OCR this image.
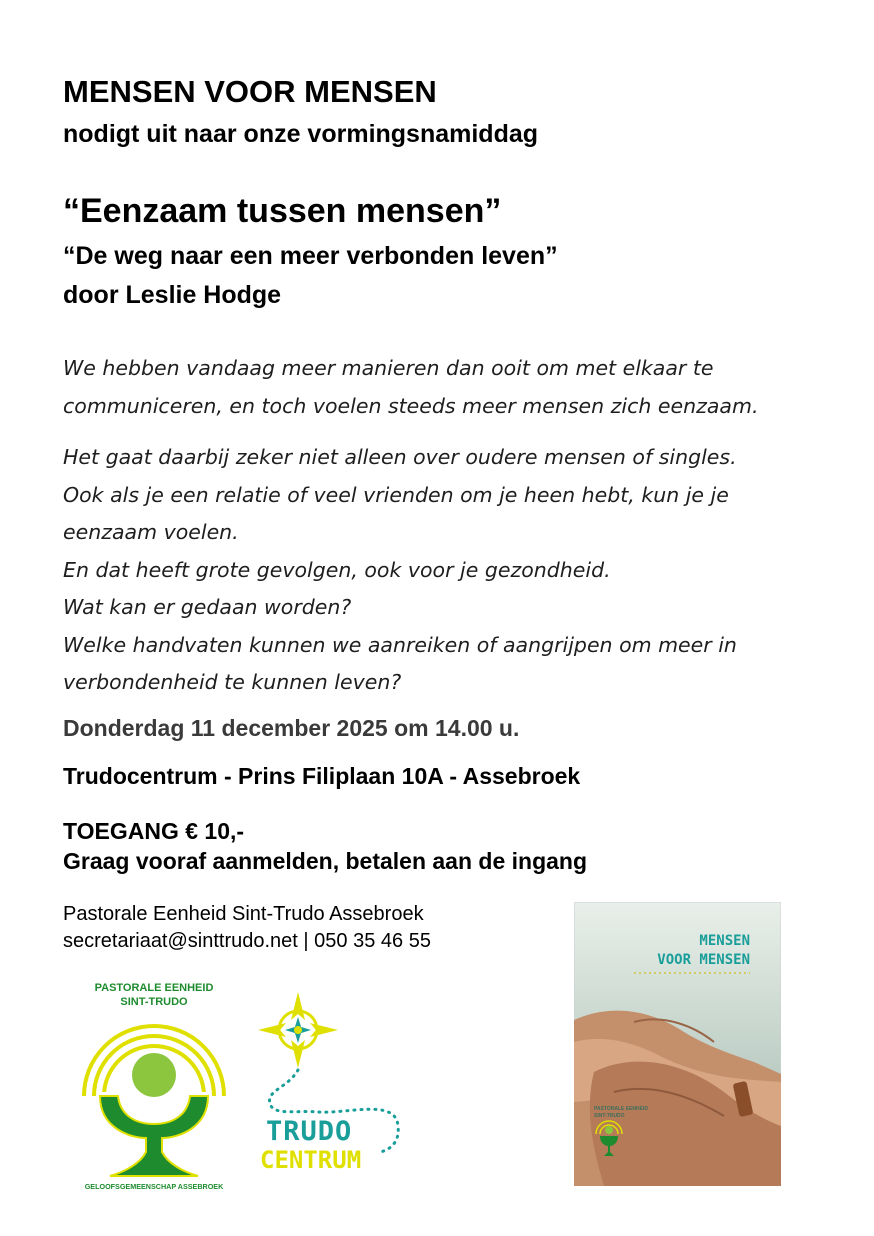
MENSEN VOOR MENSEN
nodigt uit naar onze vormingsnamiddag
“Eenzaam tussen mensen”
“De weg naar een meer verbonden leven”
door Leslie Hodge
We hebben vandaag meer manieren dan ooit om met elkaar te
communiceren, en toch voelen steeds meer mensen zich eenzaam.
Het gaat daarbij zeker niet alleen over oudere mensen of singles.
Ook als je een relatie of veel vrienden om je heen hebt, kun je je
eenzaam voelen.
En dat heeft grote gevolgen, ook voor je gezondheid.
Wat kan er gedaan worden?
Welke handvaten kunnen we aanreiken of aangrijpen om meer in
verbondenheid te kunnen leven?
Donderdag 11 december 2025 om 14.00 u.
Trudocentrum - Prins Filiplaan 10A - Assebroek
TOEGANG € 10,-
Graag vooraf aanmelden, betalen aan de ingang
Pastorale Eenheid Sint-Trudo Assebroek
secretariaat@sinttrudo.net | 050 35 46 55
PASTORALE EENHEID
SINT-TRUDO
GELOOFSGEMEENSCHAP ASSEBROEK
TRUDO
CENTRUM
MENSEN
VOOR MENSEN
PASTORALE EENHEID
SINT-TRUDO
